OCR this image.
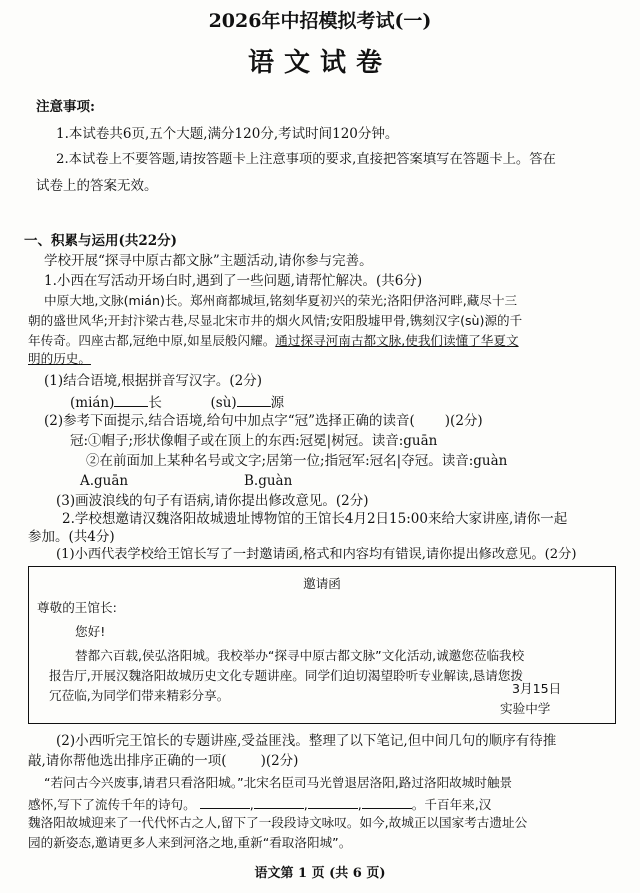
2026年中招模拟考试(一)
语文试卷
注意事项:
1.本试卷共6页,五个大题,满分120分,考试时间120分钟。
2.本试卷上不要答题,请按答题卡上注意事项的要求,直接把答案填写在答题卡上。答在
试卷上的答案无效。
一、积累与运用(共22分)
学校开展“探寻中原古都文脉”主题活动,请你参与完善。
1.小西在写活动开场白时,遇到了一些问题,请帮忙解决。(共6分)
中原大地,文脉(mián)长。郑州商都城垣,铭刻华夏初兴的荣光;洛阳伊洛河畔,藏尽十三
朝的盛世风华;开封汴梁古巷,尽显北宋市井的烟火风情;安阳殷墟甲骨,镌刻汉字(sù)源的千
年传奇。四座古都,冠绝中原,如星辰般闪耀。通过探寻河南古都文脉,使我们读懂了华夏文
明的历史。
(1)结合语境,根据拼音写汉字。(2分)
(mián)	长	(sù)	源
(2)参考下面提示,结合语境,给句中加点字“冠”选择正确的读音( )(2分)
冠:①帽子;形状像帽子或在顶上的东西:冠冕|树冠。读音:guān
②在前面加上某种名号或文字;居第一位;指冠军:冠名|夺冠。读音:guàn
A.guān	B.guàn
(3)画波浪线的句子有语病,请你提出修改意见。(2分)
2.学校想邀请汉魏洛阳故城遗址博物馆的王馆长4月2日15:00来给大家讲座,请你一起
参加。(共4分)
(1)小西代表学校给王馆长写了一封邀请函,格式和内容均有错误,请你提出修改意见。(2分)
邀请函
尊敬的王馆长:
您好!
替都六百载,侯弘洛阳城。我校举办“探寻中原古都文脉”文化活动,诚邀您莅临我校
报告厅,开展汉魏洛阳故城历史文化专题讲座。同学们迫切渴望聆听专业解读,恳请您拨
冗莅临,为同学们带来精彩分享。	3月15日
实验中学
(2)小西听完王馆长的专题讲座,受益匪浅。整理了以下笔记,但中间几句的顺序有待推
敲,请你帮他选出排序正确的一项(	)(2分)
“若问古今兴废事,请君只看洛阳城。”北宋名臣司马光曾退居洛阳,路过洛阳故城时触景
感怀,写下了流传千年的诗句。	,	,	,	。千百年来,汉
魏洛阳故城迎来了一代代怀古之人,留下了一段段诗文咏叹。如今,故城正以国家考古遗址公
园的新姿态,邀请更多人来到河洛之地,重新“看取洛阳城”。
语文第 1 页 (共 6 页)
